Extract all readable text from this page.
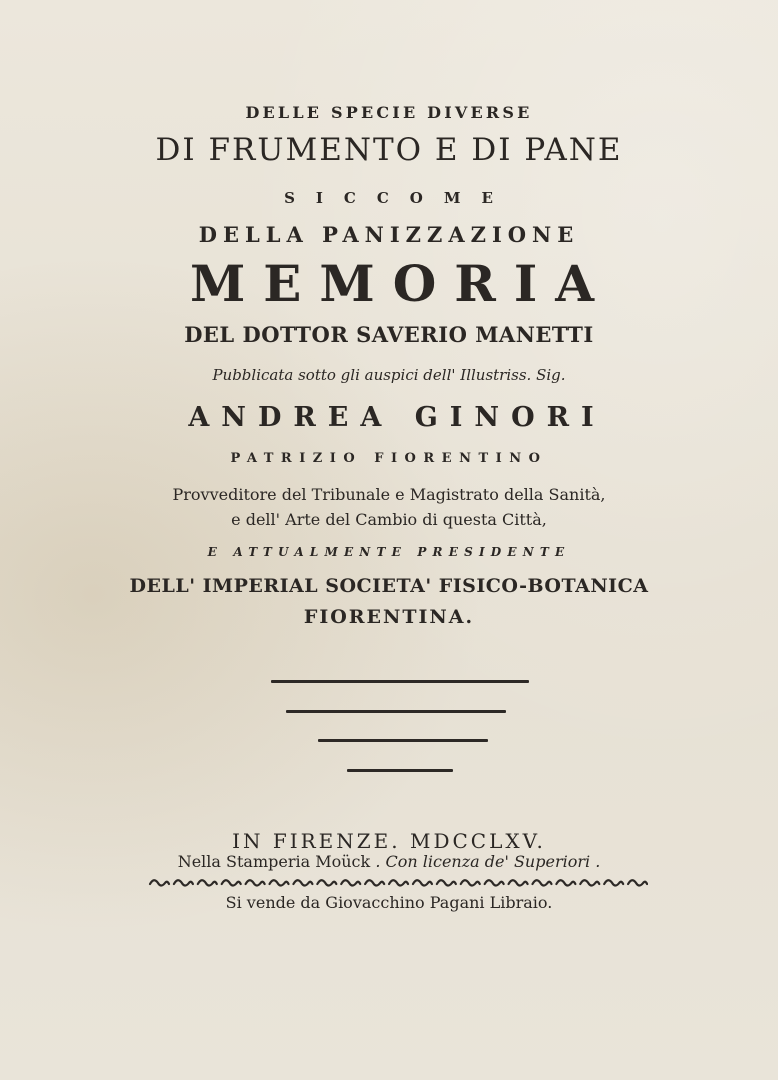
DELLE SPECIE DIVERSE
DI FRUMENTO E DI PANE
SICCOME
DELLA PANIZZAZIONE
MEMORIA
DEL DOTTOR SAVERIO MANETTI
Pubblicata sotto gli auspici dell' Illustriss. Sig.
ANDREA GINORI
PATRIZIO FIORENTINO
Provveditore del Tribunale e Magistrato della Sanità,
e dell' Arte del Cambio di questa Città,
E ATTUALMENTE PRESIDENTE
DELL' IMPERIAL SOCIETA' FISICO-BOTANICA
FIORENTINA.
IN FIRENZE. MDCCLXV.
Nella Stamperia Moück . Con licenza de' Superiori .
Si vende da Giovacchino Pagani Libraio.
